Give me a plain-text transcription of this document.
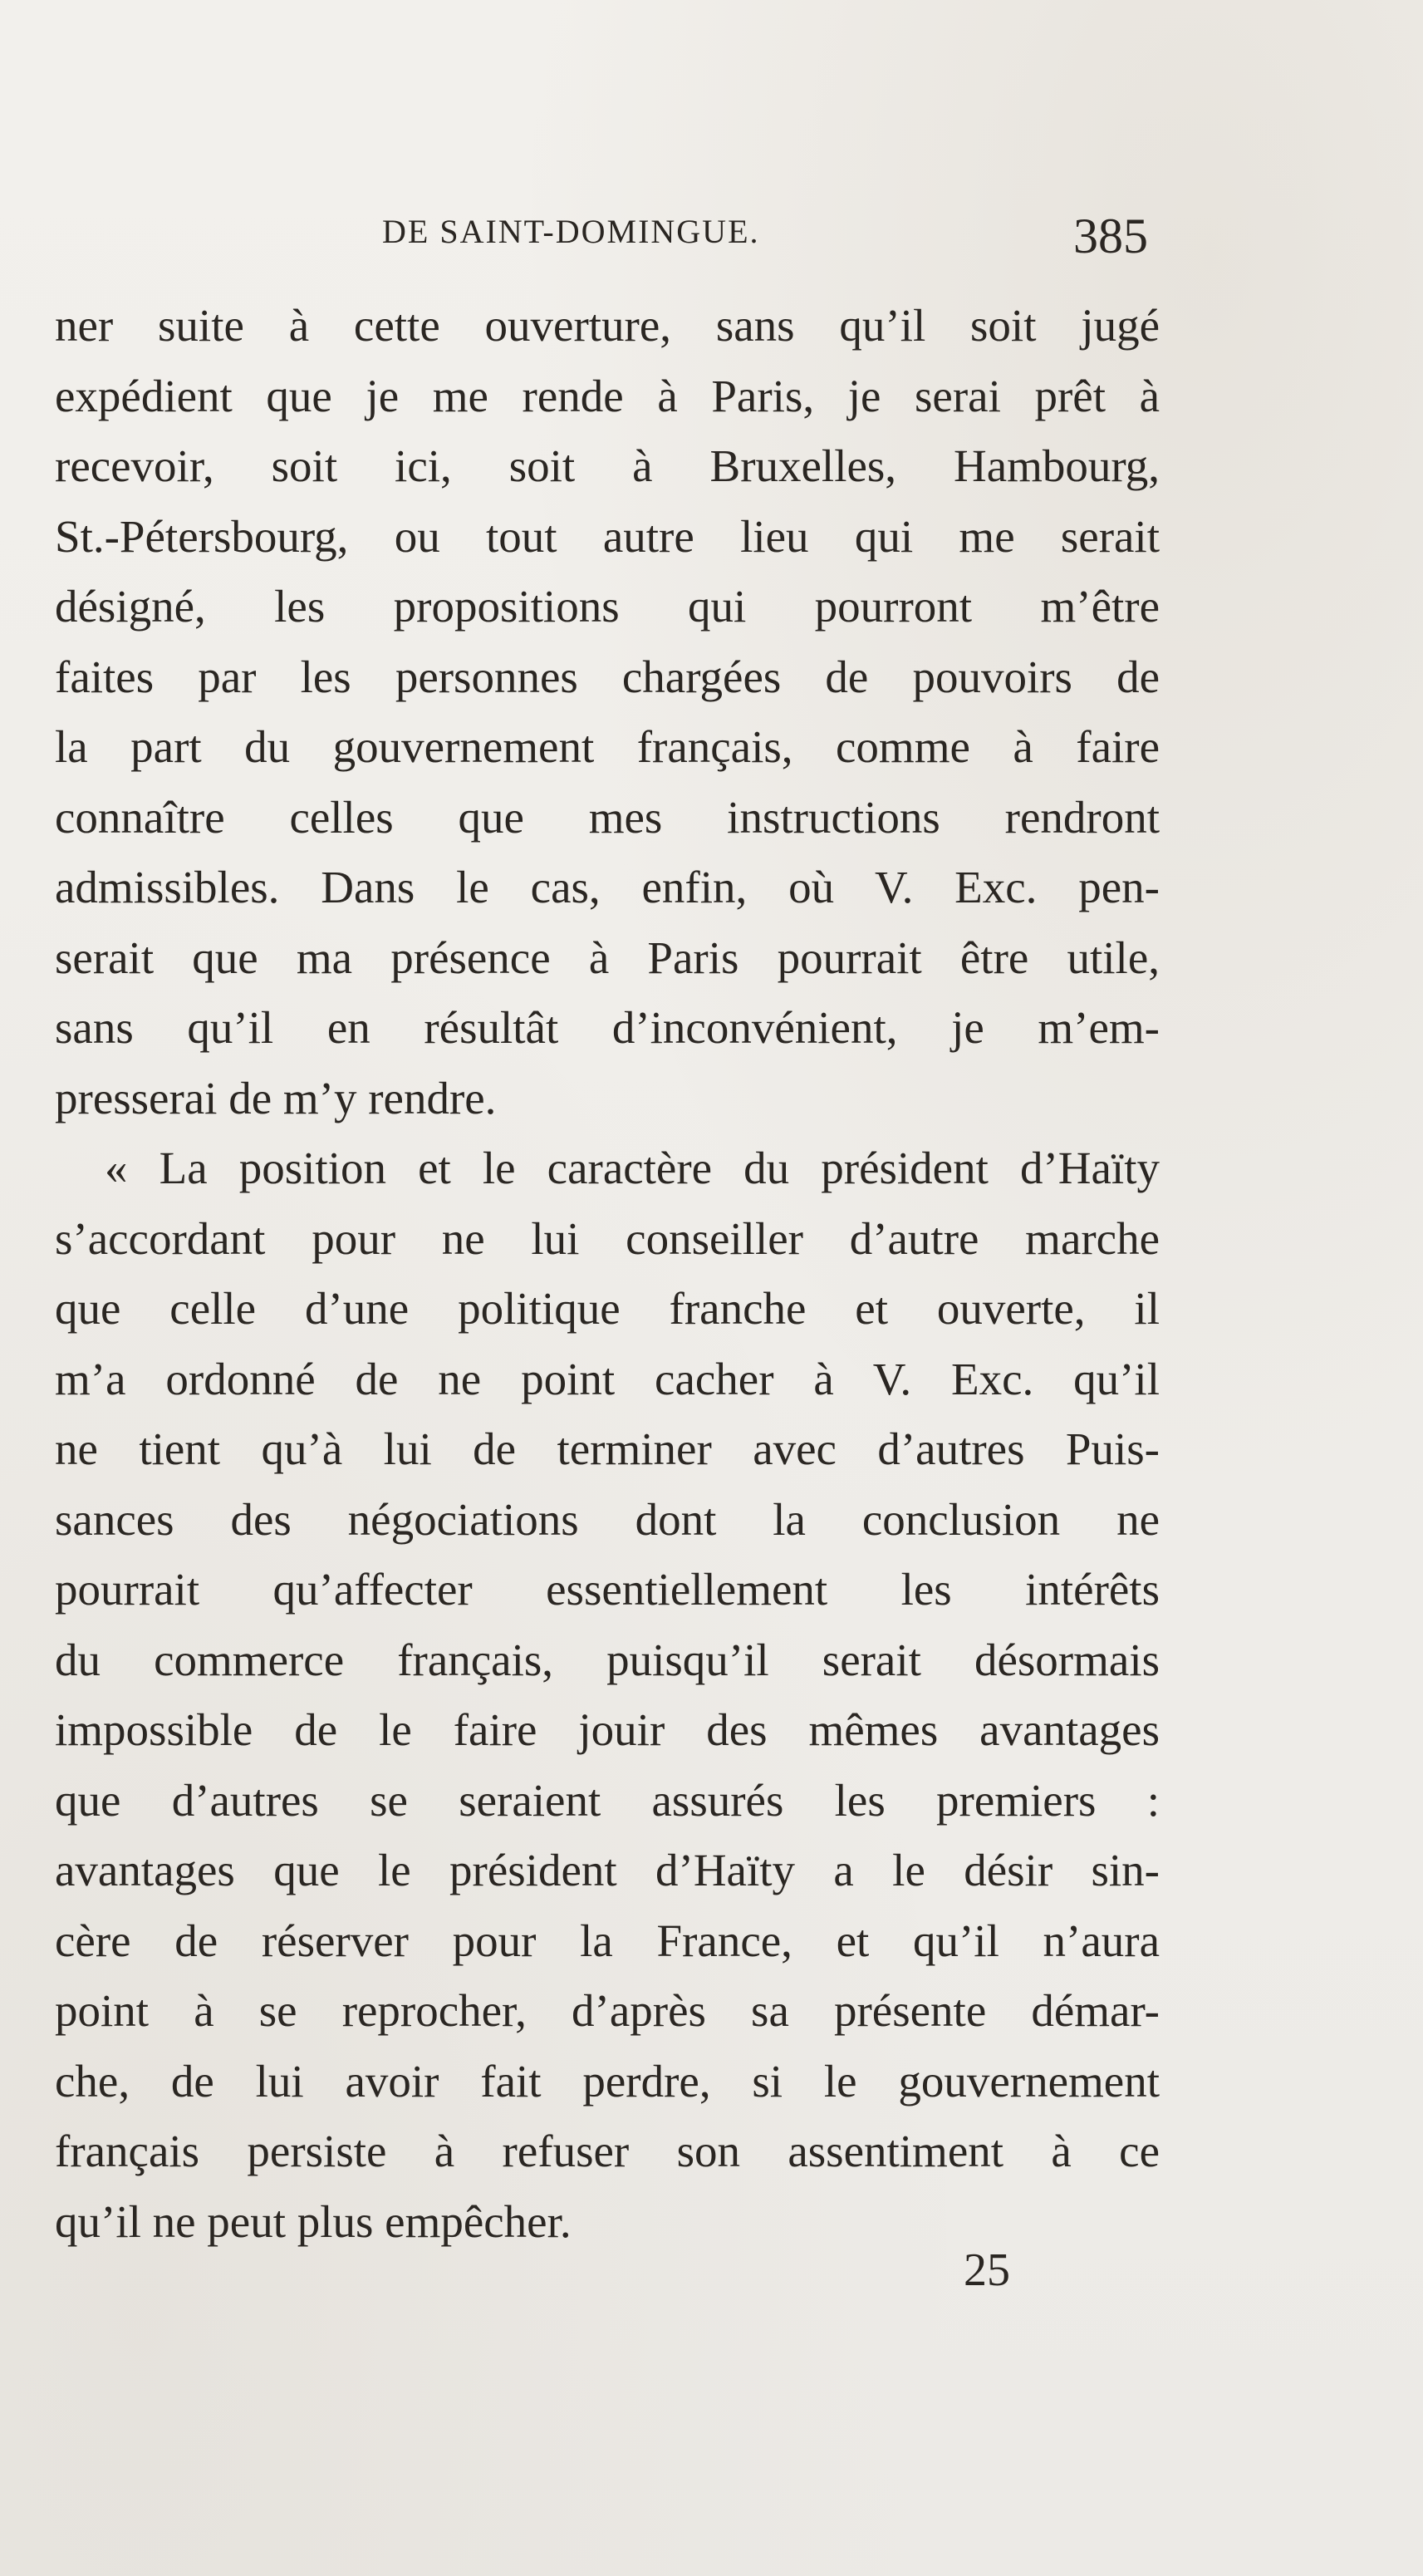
DE SAINT-DOMINGUE.	385
ner suite à cette ouverture, sans qu’il soit jugé
expédient que je me rende à Paris, je serai prêt à
recevoir, soit ici, soit à Bruxelles, Hambourg,
St.-Pétersbourg, ou tout autre lieu qui me serait
désigné, les propositions qui pourront m’être
faites par les personnes chargées de pouvoirs de
la part du gouvernement français, comme à faire
connaître celles que mes instructions rendront
admissibles. Dans le cas, enfin, où V. Exc. pen-
serait que ma présence à Paris pourrait être utile,
sans qu’il en résultât d’inconvénient, je m’em-
presserai de m’y rendre.
« La position et le caractère du président d’Haïty
s’accordant pour ne lui conseiller d’autre marche
que celle d’une politique franche et ouverte, il
m’a ordonné de ne point cacher à V. Exc. qu’il
ne tient qu’à lui de terminer avec d’autres Puis-
sances des négociations dont la conclusion ne
pourrait qu’affecter essentiellement les intérêts
du commerce français, puisqu’il serait désormais
impossible de le faire jouir des mêmes avantages
que d’autres se seraient assurés les premiers :
avantages que le président d’Haïty a le désir sin-
cère de réserver pour la France, et qu’il n’aura
point à se reprocher, d’après sa présente démar-
che, de lui avoir fait perdre, si le gouvernement
français persiste à refuser son assentiment à ce
qu’il ne peut plus empêcher.
25
